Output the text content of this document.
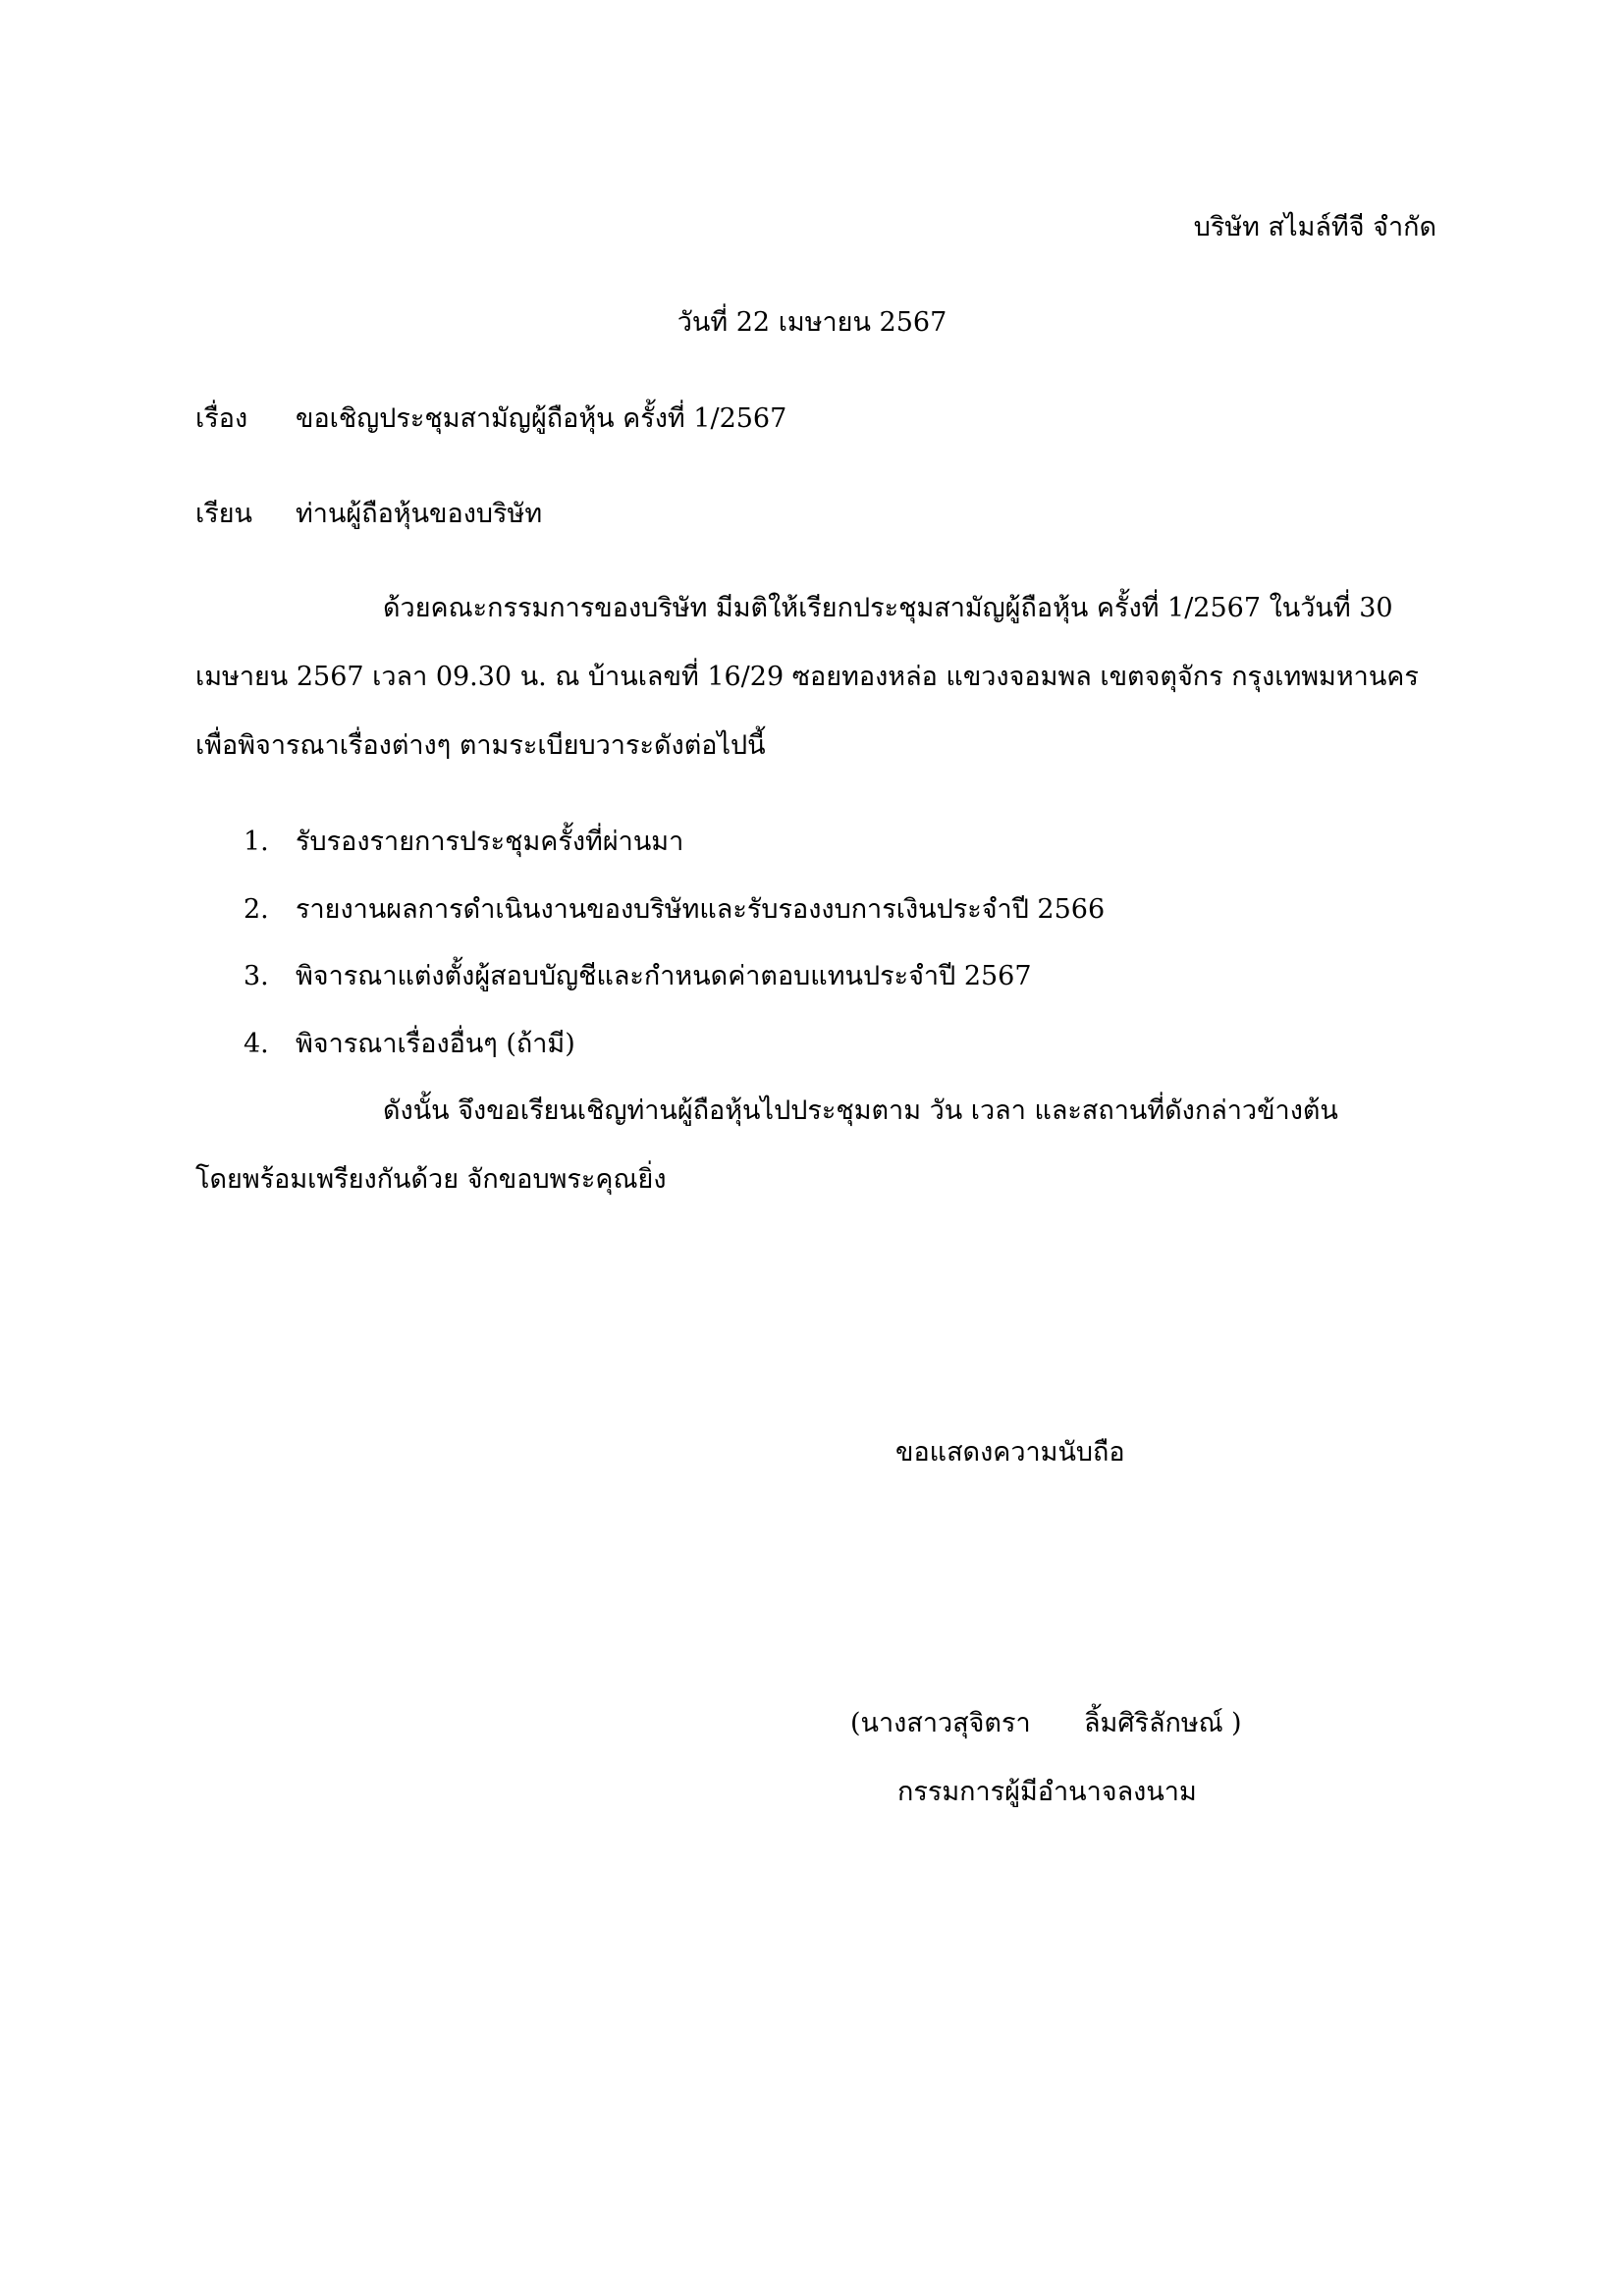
บริษัท สไมล์ทีจี จำกัด
วันที่ 22 เมษายน 2567
เรื่อง ขอเชิญประชุมสามัญผู้ถือหุ้น ครั้งที่ 1/2567
เรียน ท่านผู้ถือหุ้นของบริษัท
ด้วยคณะกรรมการของบริษัท มีมติให้เรียกประชุมสามัญผู้ถือหุ้น ครั้งที่ 1/2567 ในวันที่ 30
เมษายน 2567 เวลา 09.30 น. ณ บ้านเลขที่ 16/29 ซอยทองหล่อ แขวงจอมพล เขตจตุจักร กรุงเทพมหานคร
เพื่อพิจารณาเรื่องต่างๆ ตามระเบียบวาระดังต่อไปนี้
1. รับรองรายการประชุมครั้งที่ผ่านมา
2. รายงานผลการดำเนินงานของบริษัทและรับรองงบการเงินประจำปี 2566
3. พิจารณาแต่งตั้งผู้สอบบัญชีและกำหนดค่าตอบแทนประจำปี 2567
4. พิจารณาเรื่องอื่นๆ (ถ้ามี)
ดังนั้น จึงขอเรียนเชิญท่านผู้ถือหุ้นไปประชุมตาม วัน เวลา และสถานที่ดังกล่าวข้างต้น
โดยพร้อมเพรียงกันด้วย จักขอบพระคุณยิ่ง
ขอแสดงความนับถือ
(นางสาวสุจิตรา ลิ้มศิริลักษณ์ )
กรรมการผู้มีอำนาจลงนาม
